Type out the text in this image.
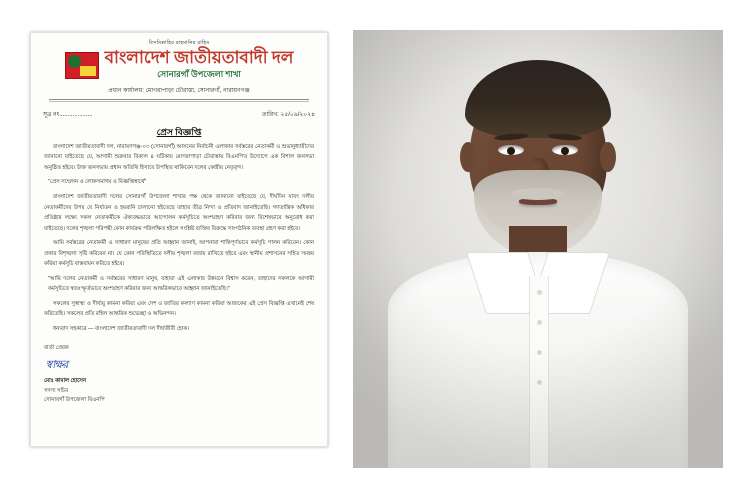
বিসমিল্লাহির রাহমানির রাহিম
বাংলাদেশ জাতীয়তাবাদী দল
সোনারগাঁ উপজেলা শাখা
প্রধান কার্যালয়: মোগরাপাড়া চৌরাস্তা, সোনারগাঁ, নারায়ণগঞ্জ
সূত্র নং....................	তারিখ: ২৫/০৯/২০২৪
প্রেস বিজ্ঞপ্তি

বাংলাদেশ জাতীয়তাবাদী দল, নারায়ণগঞ্জ-০৩ (সোনারগাঁ) আসনের নির্বাচনী এলাকার সর্বস্তরের নেতাকর্মী ও শুভানুধ্যায়ীদের জানানো যাইতেছে যে, আগামী শুক্রবার বিকাল ৪ ঘটিকায় মোগরাপাড়া চৌরাস্তায় বিএনপি'র উদ্যোগে এক বিশাল জনসভা অনুষ্ঠিত হইবে। উক্ত জনসভায় প্রধান অতিথি হিসাবে উপস্থিত থাকিবেন দলের কেন্দ্রীয় নেতৃবৃন্দ।

"প্রেস সম্মেলন ও লোকসমাগম ও বিজ্ঞপ্তিস্বার্থে"

বাংলাদেশ জাতীয়তাবাদী দলের সোনারগাঁ উপজেলা শাখার পক্ষ থেকে জানানো যাইতেছে যে, দীর্ঘদিন যাবৎ দলীয় নেতাকর্মীদের উপর যে নির্যাতন ও হয়রানি চালানো হইতেছে তাহার তীব্র নিন্দা ও প্রতিবাদ জানাইতেছি। গণতান্ত্রিক অধিকার প্রতিষ্ঠার লক্ষ্যে সকল নেতাকর্মীকে ঐক্যবদ্ধভাবে আন্দোলন কর্মসূচিতে অংশগ্রহণ করিবার জন্য বিশেষভাবে অনুরোধ করা যাইতেছে। দলের শৃঙ্খলা পরিপন্থী কোন কার্যক্রম পরিলক্ষিত হইলে সংশ্লিষ্ট ব্যক্তির বিরুদ্ধে সাংগঠনিক ব্যবস্থা গ্রহণ করা হইবে।

আমি সর্বস্তরের নেতাকর্মী ও সাধারণ মানুষের প্রতি আহ্বান জানাই, আপনারা শান্তিপূর্ণভাবে কর্মসূচি পালন করিবেন। কোন প্রকার বিশৃঙ্খলা সৃষ্টি করিবেন না। যে কোন পরিস্থিতিতে দলীয় শৃঙ্খলা বজায় রাখিতে হইবে এবং স্থানীয় প্রশাসনের সহিত সমন্বয় করিয়া কর্মসূচি বাস্তবায়ন করিতে হইবে।

"আমি দলের নেতাকর্মী ও সর্বস্তরের সাধারণ মানুষ, যাহারা এই এলাকার উন্নয়নে বিশ্বাস করেন, তাহাদের সকলকে আগামী কর্মসূচিতে স্বতঃস্ফূর্তভাবে অংশগ্রহণ করিবার জন্য আন্তরিকভাবে আহ্বান জানাইতেছি।"

সকলের সুস্বাস্থ্য ও দীর্ঘায়ু কামনা করিয়া এবং দেশ ও জাতির কল্যাণ কামনা করিয়া আজকের এই প্রেস বিজ্ঞপ্তি এখানেই শেষ করিতেছি। সকলের প্রতি রহিল আন্তরিক শুভেচ্ছা ও অভিনন্দন।

ধন্যবাদ সহকারে — বাংলাদেশ জাতীয়তাবাদী দল দীর্ঘজীবী হোক।

বার্তা প্রেরক
স্বাক্ষর
মোঃ কামাল হোসেন
সদস্য সচিব
সোনারগাঁ উপজেলা বিএনপি
